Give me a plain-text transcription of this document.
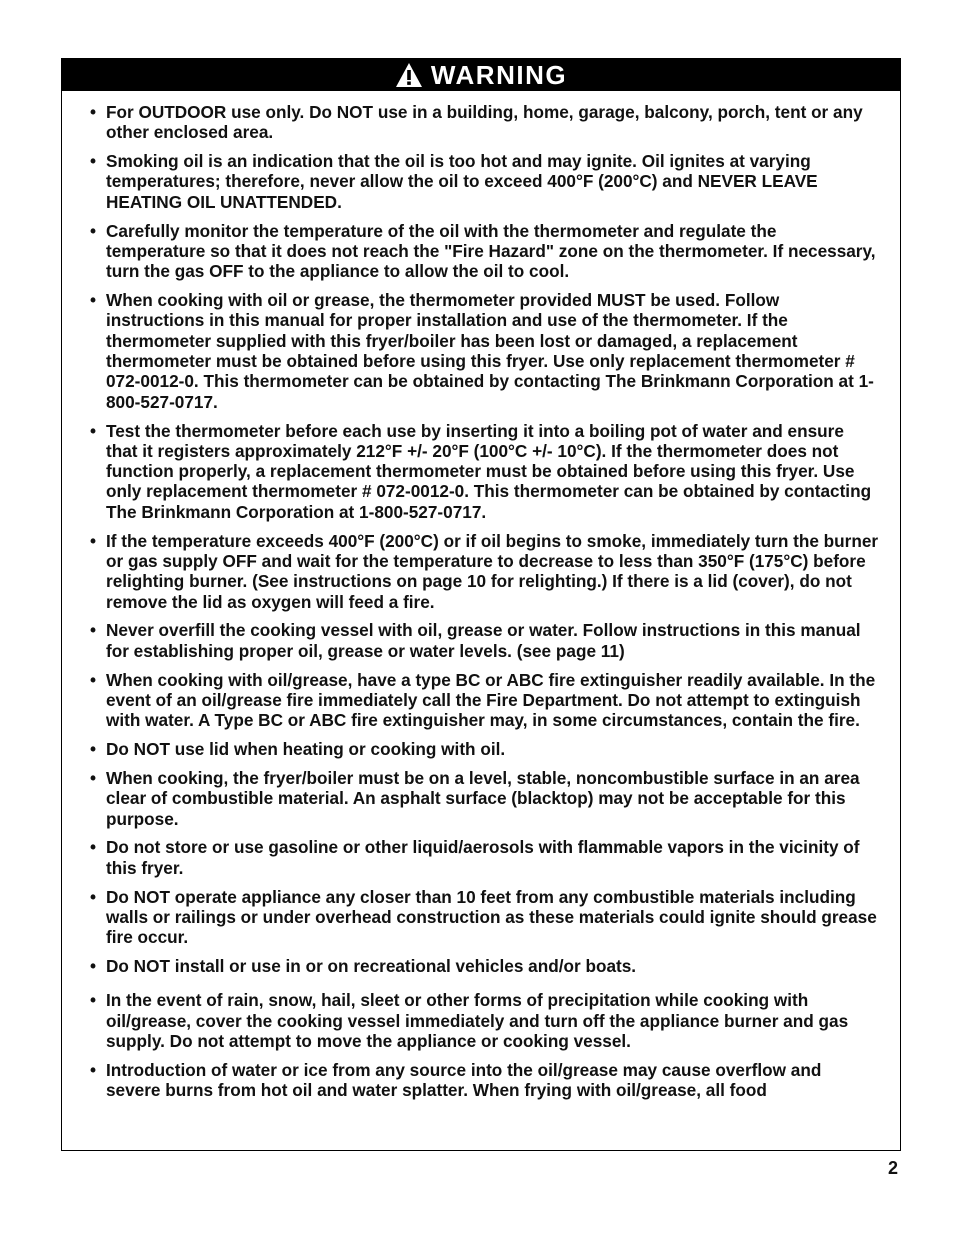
WARNING
• For OUTDOOR use only. Do NOT use in a building, home, garage, balcony, porch, tent or any other enclosed area.
• Smoking oil is an indication that the oil is too hot and may ignite. Oil ignites at varying temperatures; therefore, never allow the oil to exceed 400°F (200°C) and NEVER LEAVE HEATING OIL UNATTENDED.
• Carefully monitor the temperature of the oil with the thermometer and regulate the temperature so that it does not reach the "Fire Hazard" zone on the thermometer. If necessary, turn the gas OFF to the appliance to allow the oil to cool.
• When cooking with oil or grease, the thermometer provided MUST be used. Follow instructions in this manual for proper installation and use of the thermometer. If the thermometer supplied with this fryer/boiler has been lost or damaged, a replacement thermometer must be obtained before using this fryer. Use only replacement thermometer # 072-0012-0. This thermometer can be obtained by contacting The Brinkmann Corporation at 1-800-527-0717.
• Test the thermometer before each use by inserting it into a boiling pot of water and ensure that it registers approximately 212°F +/- 20°F (100°C +/- 10°C). If the thermometer does not function properly, a replacement thermometer must be obtained before using this fryer. Use only replacement thermometer # 072-0012-0. This thermometer can be obtained by contacting The Brinkmann Corporation at 1-800-527-0717.
• If the temperature exceeds 400°F (200°C) or if oil begins to smoke, immediately turn the burner or gas supply OFF and wait for the temperature to decrease to less than 350°F (175°C) before relighting burner. (See instructions on page 10 for relighting.) If there is a lid (cover), do not remove the lid as oxygen will feed a fire.
• Never overfill the cooking vessel with oil, grease or water. Follow instructions in this manual for establishing proper oil, grease or water levels. (see page 11)
• When cooking with oil/grease, have a type BC or ABC fire extinguisher readily available. In the event of an oil/grease fire immediately call the Fire Department. Do not attempt to extinguish with water. A Type BC or ABC fire extinguisher may, in some circumstances, contain the fire.
• Do NOT use lid when heating or cooking with oil.
• When cooking, the fryer/boiler must be on a level, stable, noncombustible surface in an area clear of combustible material. An asphalt surface (blacktop) may not be acceptable for this purpose.
• Do not store or use gasoline or other liquid/aerosols with flammable vapors in the vicinity of this fryer.
• Do NOT operate appliance any closer than 10 feet from any combustible materials including walls or railings or under overhead construction as these materials could ignite should grease fire occur.
• Do NOT install or use in or on recreational vehicles and/or boats.
• In the event of rain, snow, hail, sleet or other forms of precipitation while cooking with oil/grease, cover the cooking vessel immediately and turn off the appliance burner and gas supply. Do not attempt to move the appliance or cooking vessel.
• Introduction of water or ice from any source into the oil/grease may cause overflow and severe burns from hot oil and water splatter. When frying with oil/grease, all food
2
